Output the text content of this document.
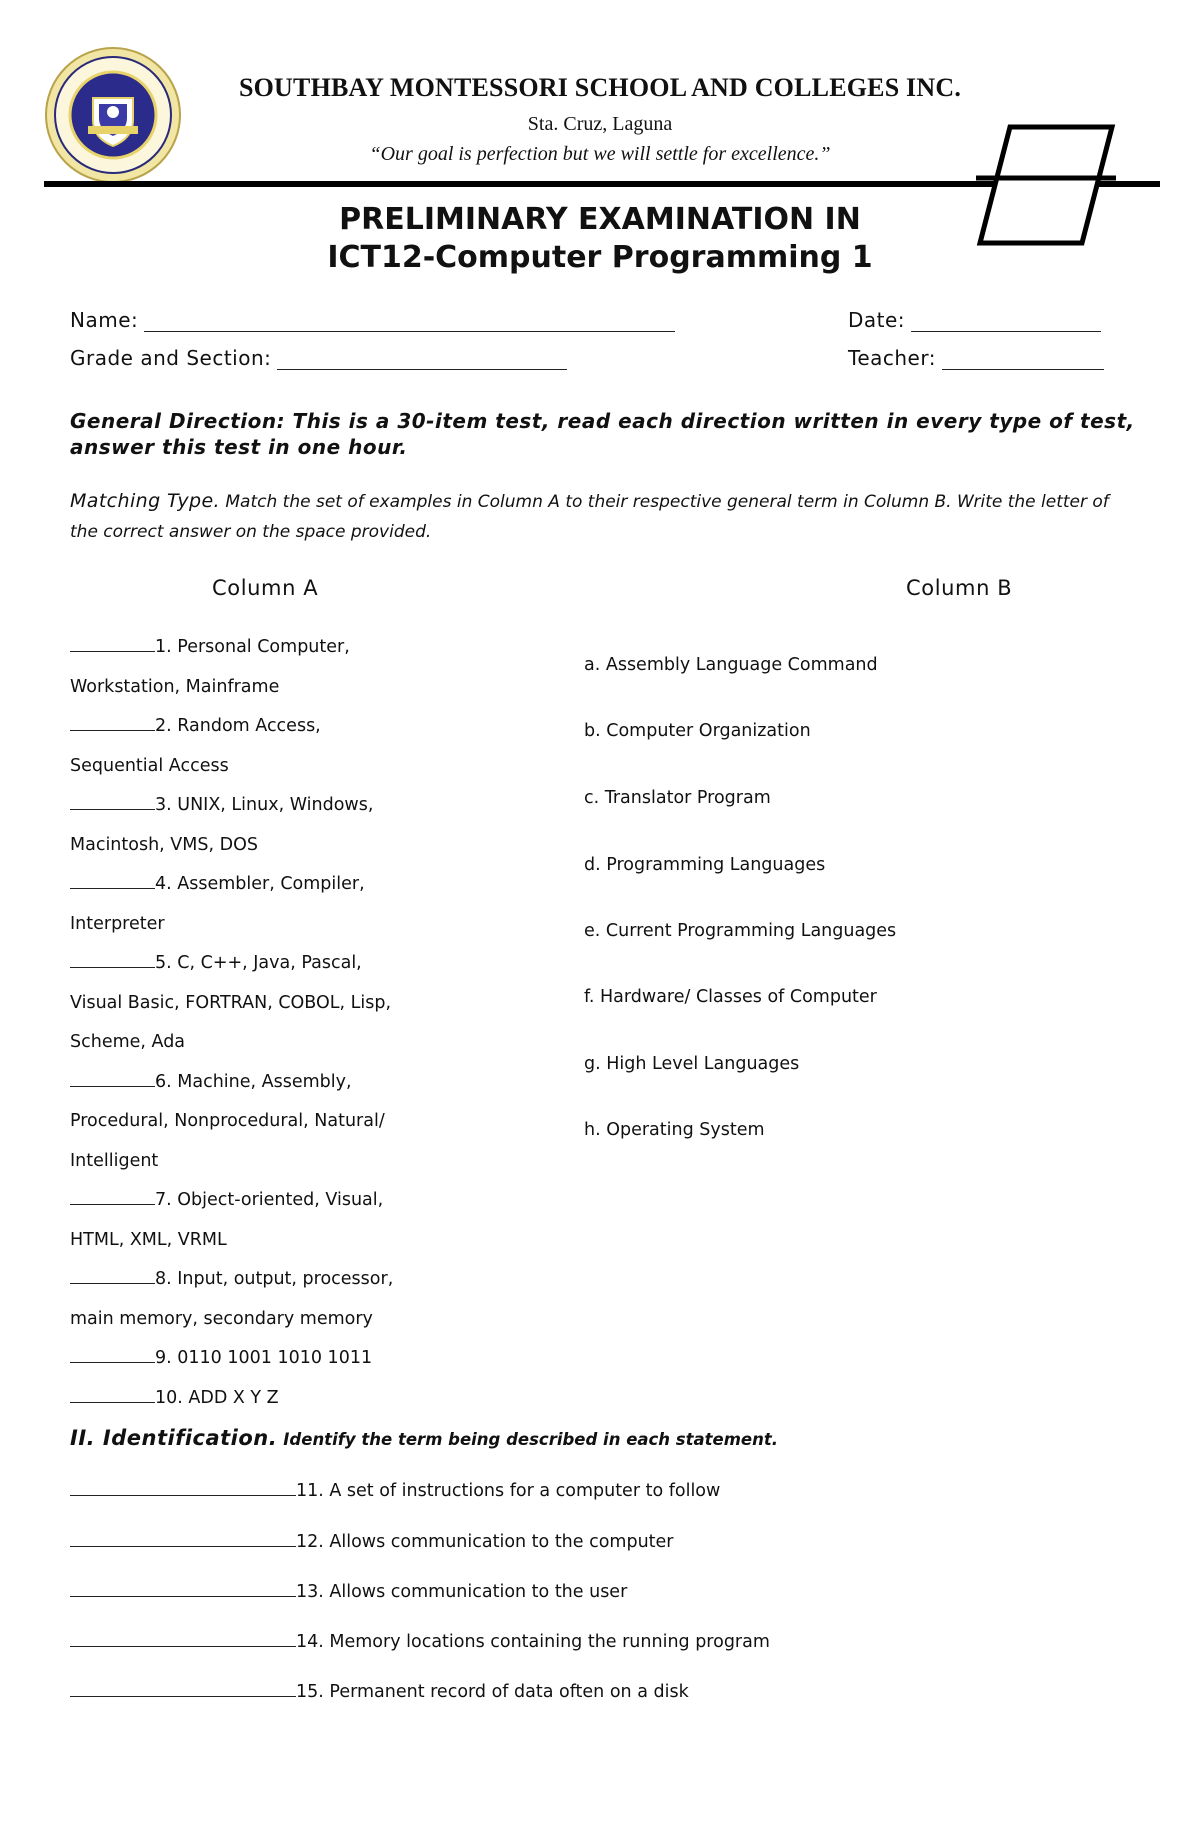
SOUTHBAY MONTESSORI SCHOOL AND COLLEGES INC.
Sta. Cruz, Laguna
“Our goal is perfection but we will settle for excellence.”
PRELIMINARY EXAMINATION IN
ICT12-Computer Programming 1
Name:	Date:
Grade and Section:	Teacher:
General Direction: This is a 30-item test, read each direction written in every type of test, answer this test in one hour.
Matching Type. Match the set of examples in Column A to their respective general term in Column B. Write the letter of the correct answer on the space provided.
Column A	Column B
1. Personal Computer,
Workstation, Mainframe
2. Random Access,
Sequential Access
3. UNIX, Linux, Windows,
Macintosh, VMS, DOS
4. Assembler, Compiler,
Interpreter
5. C, C++, Java, Pascal,
Visual Basic, FORTRAN, COBOL, Lisp,
Scheme, Ada
6. Machine, Assembly,
Procedural, Nonprocedural, Natural/
Intelligent
7. Object-oriented, Visual,
HTML, XML, VRML
8. Input, output, processor,
main memory, secondary memory
9. 0110 1001 1010 1011
10. ADD X Y Z
a. Assembly Language Command
b. Computer Organization
c. Translator Program
d. Programming Languages
e. Current Programming Languages
f. Hardware/ Classes of Computer
g. High Level Languages
h. Operating System
II. Identification. Identify the term being described in each statement.
11. A set of instructions for a computer to follow
12. Allows communication to the computer
13. Allows communication to the user
14. Memory locations containing the running program
15. Permanent record of data often on a disk
